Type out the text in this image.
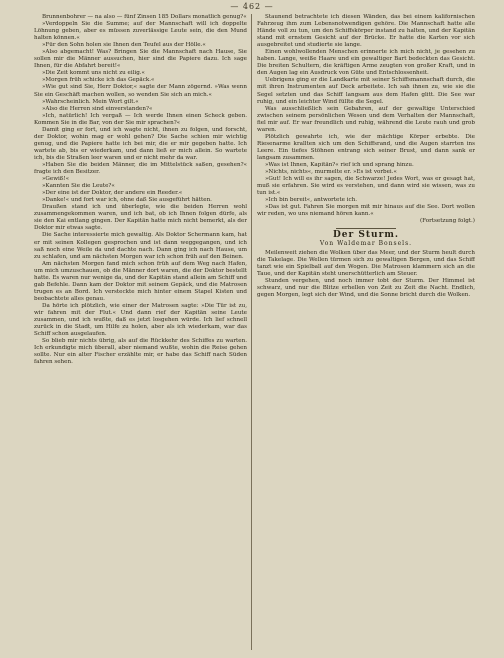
— 462 —

Brunnenbohrer — na also — fünf Zinsen 185 Dollars monatlich genug?«

»Verdoppeln Sie die Summe; auf der Mannschaft will ich doppelte Löhnung geben, aber es müssen zuverlässige Leute sein, die den Mund halten können.«

»Für den Sohn holen sie Ihnen den Teufel aus der Hölle.«

»Also abgemacht! Was? Bringen Sie die Mannschaft nach Hause, Sie sollen mir die Männer aussuchen, hier sind die Papiere dazu. Ich sage Ihnen, für die Abfahrt bereit!«

»Die Zeit kommt uns nicht zu eilig.«

»Morgen früh schicke ich das Gepäck.«

»Wie gut sind Sie, Herr Doktor,« sagte der Mann zögernd. »Was wenn Sie ein Geschäft machen wollen, so wenden Sie sich an mich.«

»Wahrscheinlich. Mein Wort gilt.«

»Also die Herren sind einverstanden?«

»Ich, natürlich! Ich vergaß — Ich werde Ihnen einen Scheck geben. Kommen Sie in die Bar, von der Sie mir sprachen?«

Damit ging er fort, und ich wagte nicht, ihnen zu folgen, und forscht, der Doktor, wohin mag er wohl gehen? Die Sache schien mir wichtig genug, und die Papiere hatte ich bei mir, die er mir gegeben hatte. Ich wartete ab, bis er wiederkam, und dann ließ er mich allein. So wartete ich, bis die Straßen leer waren und er nicht mehr da war.

»Haben Sie die beiden Männer, die im Mittelstück saßen, gesehen?« fragte ich den Besitzer.

»Gewiß!«

»Kannten Sie die Leute?«

»Der eine ist der Doktor, der andere ein Reeder.«

»Danke!« und fort war ich, ohne daß Sie ausgeführt hätten.

Draußen stand ich und überlegte, wie die beiden Herren wohl zusammengekommen waren, und ich bat, ob ich Ihnen folgen dürfe, als sie den Kai entlang gingen. Der Kapitän hatte mich nicht bemerkt, als der Doktor mir etwas sagte.

Die Sache interessierte mich gewaltig. Als Doktor Schermann kam, hat er mit seinen Kollegen gesprochen und ist dann weggegangen, und ich saß noch eine Weile da und dachte nach. Dann ging ich nach Hause, um zu schlafen, und am nächsten Morgen war ich schon früh auf den Beinen.

Am nächsten Morgen fand mich schon früh auf dem Weg nach Hafen, um mich umzuschauen, ob die Männer dort waren, die der Doktor bestellt hatte. Es waren nur wenige da, und der Kapitän stand allein am Schiff und gab Befehle. Dann kam der Doktor mit seinem Gepäck, und die Matrosen trugen es an Bord. Ich versteckte mich hinter einem Stapel Kisten und beobachtete alles genau.

Da hörte ich plötzlich, wie einer der Matrosen sagte: »Die Tür ist zu, wir fahren mit der Flut.« Und dann rief der Kapitän seine Leute zusammen, und ich wußte, daß es jetzt losgehen würde. Ich lief schnell zurück in die Stadt, um Hilfe zu holen, aber als ich wiederkam, war das Schiff schon ausgelaufen.

So blieb mir nichts übrig, als auf die Rückkehr des Schiffes zu warten. Ich erkundigte mich überall, aber niemand wußte, wohin die Reise gehen sollte. Nur ein alter Fischer erzählte mir, er habe das Schiff nach Süden fahren sehen.

Staunend betrachtete ich diesen Wänden, das bei einem kalifornischen Fahrzeug ihm zum Lebensnotwendigen gehöre. Die Mannschaft hatte alle Hände voll zu tun, um den Schiffskörper instand zu halten, und der Kapitän stand mit ernstem Gesicht auf der Brücke. Er hatte die Karten vor sich ausgebreitet und studierte sie lange.

Einen wohlwollenden Menschen erinnerte ich mich nicht, je gesehen zu haben. Lange, weiße Haare und ein gewaltiger Bart bedeckten das Gesicht. Die breiten Schultern, die kräftigen Arme zeugten von großer Kraft, und in den Augen lag ein Ausdruck von Güte und Entschlossenheit.

Uebrigens ging er die Landkarte mit seiner Schiffsmannschaft durch, die mit ihren Instrumenten auf Deck arbeitete. Ich sah ihnen zu, wie sie die Segel setzten und das Schiff langsam aus dem Hafen glitt. Die See war ruhig, und ein leichter Wind füllte die Segel.

Was ausschließlich sein Gebahren, auf der gewaltige Unterschied zwischen seinem persönlichen Wesen und dem Verhalten der Mannschaft, fiel mir auf. Er war freundlich und ruhig, während die Leute rauh und grob waren.

Plötzlich gewahrte ich, wie der mächtige Körper erbebte. Die Riesenarme krallten sich um den Schiffsrand, und die Augen starrten ins Leere. Ein tiefes Stöhnen entrang sich seiner Brust, und dann sank er langsam zusammen.

»Was ist Ihnen, Kapitän?« rief ich und sprang hinzu.

»Nichts, nichts«, murmelte er. »Es ist vorbei.«

»Gut! Ich will es ihr sagen, die Schwarze! Jedes Wort, was er gesagt hat, muß sie erfahren. Sie wird es verstehen, und dann wird sie wissen, was zu tun ist.«

»Ich bin bereit«, antwortete ich.

»Das ist gut. Fahren Sie morgen mit mir hinaus auf die See. Dort wollen wir reden, wo uns niemand hören kann.«

(Fortsetzung folgt.)

Der Sturm.
Von Waldemar Bonsels.

Meilenweit ziehen die Wolken über das Meer, und der Sturm heult durch die Takelage. Die Wellen türmen sich zu gewaltigen Bergen, und das Schiff tanzt wie ein Spielball auf den Wogen. Die Matrosen klammern sich an die Taue, und der Kapitän steht unerschütterlich am Steuer.

Stunden vergehen, und noch immer tobt der Sturm. Der Himmel ist schwarz, und nur die Blitze erhellen von Zeit zu Zeit die Nacht. Endlich, gegen Morgen, legt sich der Wind, und die Sonne bricht durch die Wolken.
